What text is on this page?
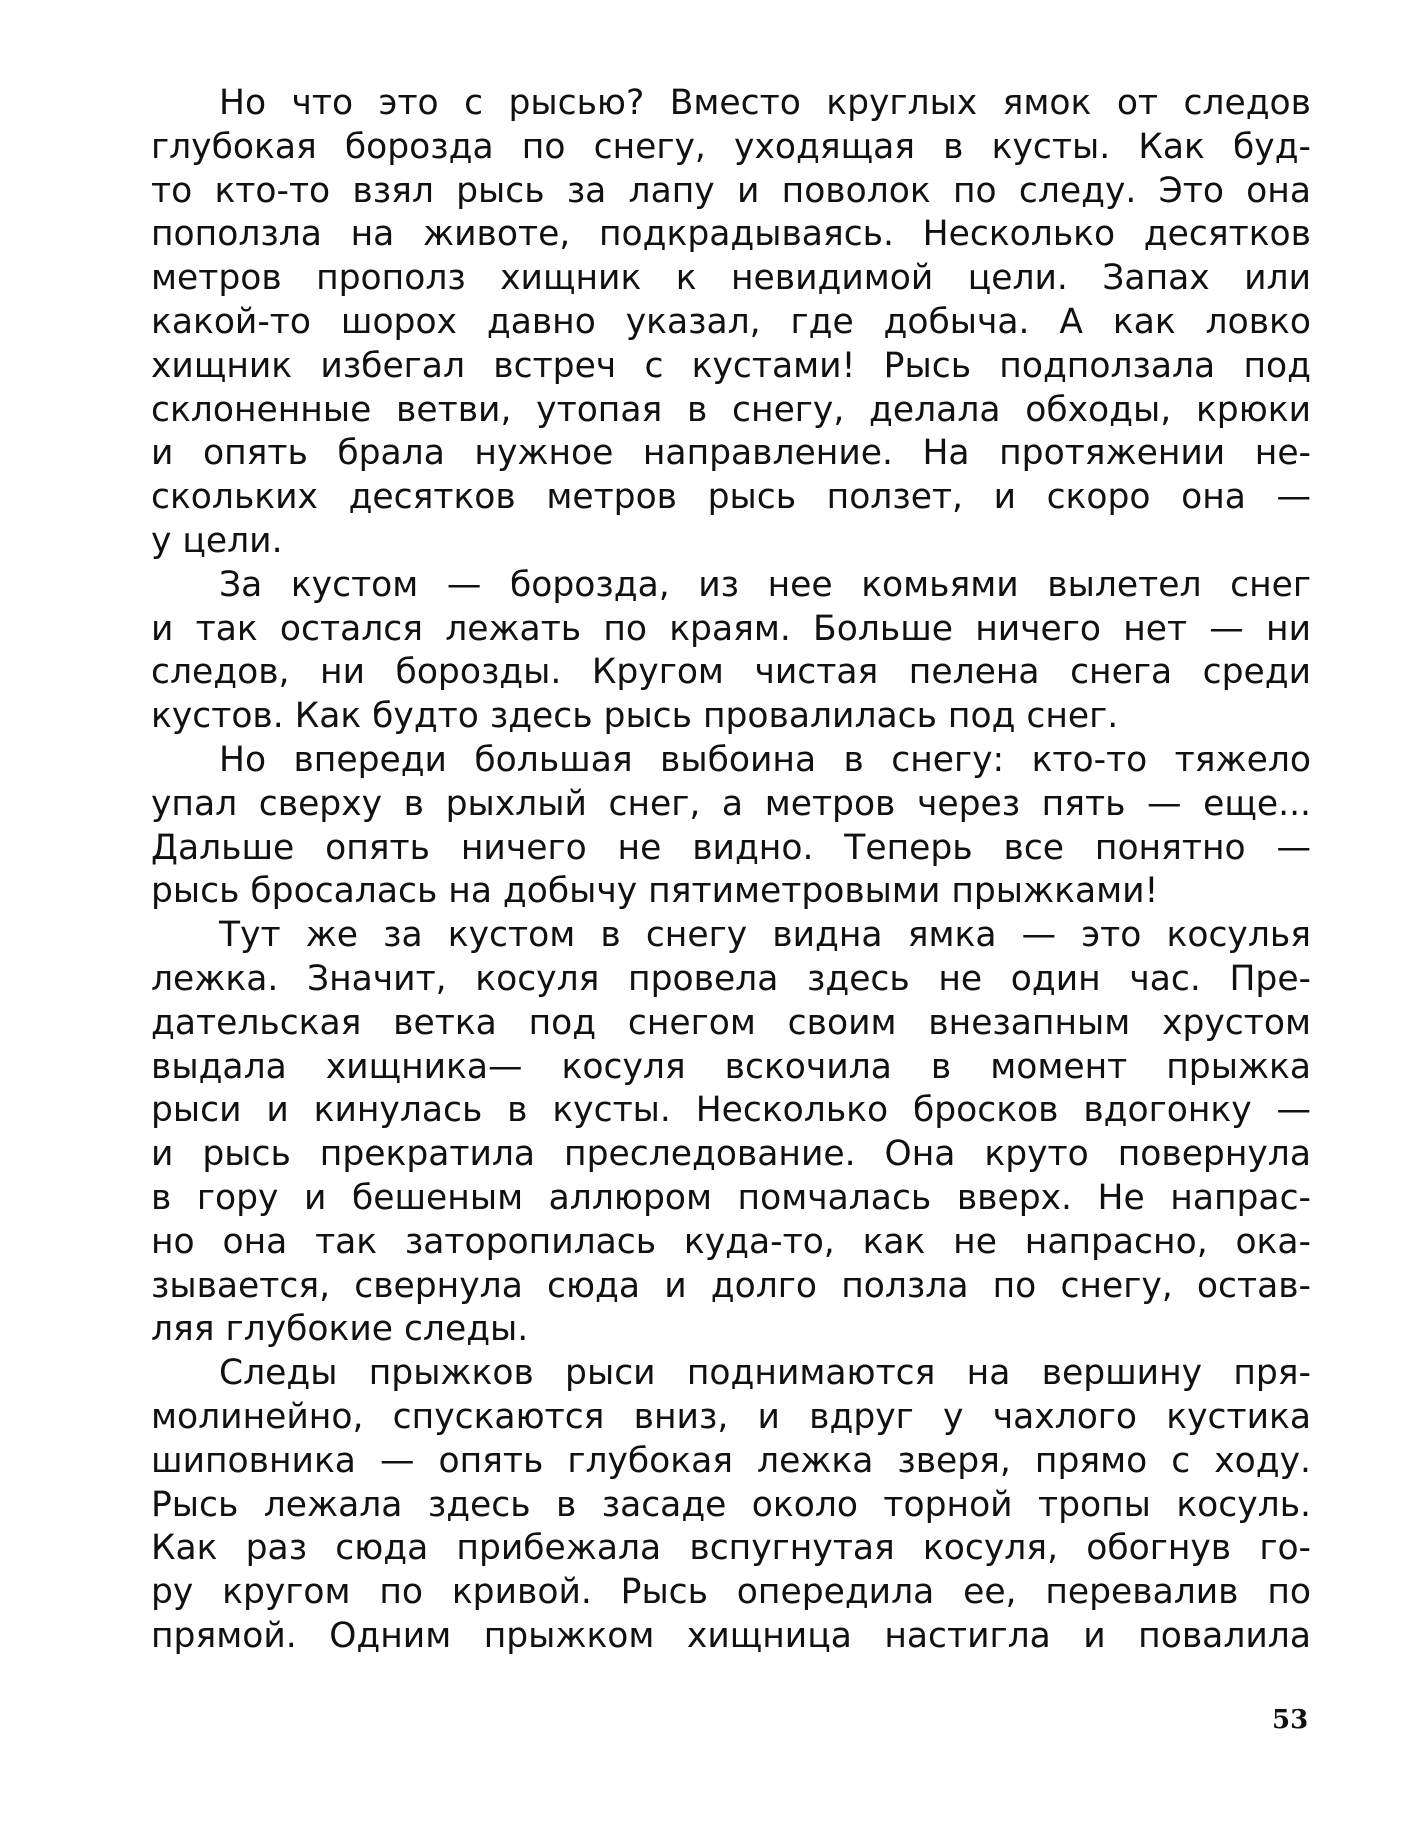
Но что это с рысью? Вместо круглых ямок от следов
глубокая борозда по снегу, уходящая в кусты. Как буд-
то кто-то взял рысь за лапу и поволок по следу. Это она
поползла на животе, подкрадываясь. Несколько десятков
метров прополз хищник к невидимой цели. Запах или
какой-то шорох давно указал, где добыча. А как ловко
хищник избегал встреч с кустами! Рысь подползала под
склоненные ветви, утопая в снегу, делала обходы, крюки
и опять брала нужное направление. На протяжении не-
скольких десятков метров рысь ползет, и скоро она —
у цели.
За кустом — борозда, из нее комьями вылетел снег
и так остался лежать по краям. Больше ничего нет — ни
следов, ни борозды. Кругом чистая пелена снега среди
кустов. Как будто здесь рысь провалилась под снег.
Но впереди большая выбоина в снегу: кто-то тяжело
упал сверху в рыхлый снег, а метров через пять — еще...
Дальше опять ничего не видно. Теперь все понятно —
рысь бросалась на добычу пятиметровыми прыжками!
Тут же за кустом в снегу видна ямка — это косулья
лежка. Значит, косуля провела здесь не один час. Пре-
дательская ветка под снегом своим внезапным хрустом
выдала хищника— косуля вскочила в момент прыжка
рыси и кинулась в кусты. Несколько бросков вдогонку —
и рысь прекратила преследование. Она круто повернула
в гору и бешеным аллюром помчалась вверх. Не напрас-
но она так заторопилась куда-то, как не напрасно, ока-
зывается, свернула сюда и долго ползла по снегу, остав-
ляя глубокие следы.
Следы прыжков рыси поднимаются на вершину пря-
молинейно, спускаются вниз, и вдруг у чахлого кустика
шиповника — опять глубокая лежка зверя, прямо с ходу.
Рысь лежала здесь в засаде около торной тропы косуль.
Как раз сюда прибежала вспугнутая косуля, обогнув го-
ру кругом по кривой. Рысь опередила ее, перевалив по
прямой. Одним прыжком хищница настигла и повалила
53
